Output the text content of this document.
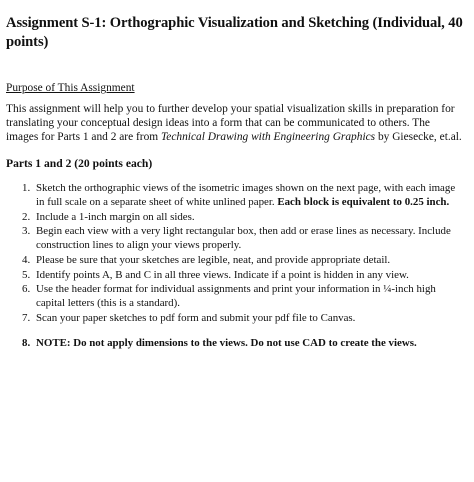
Assignment S-1: Orthographic Visualization and Sketching (Individual, 40 points)
Purpose of This Assignment

This assignment will help you to further develop your spatial visualization skills in preparation for translating your conceptual design ideas into a form that can be communicated to others. The images for Parts 1 and 2 are from Technical Drawing with Engineering Graphics by Giesecke, et.al.

Parts 1 and 2 (20 points each)
1. Sketch the orthographic views of the isometric images shown on the next page, with each image in full scale on a separate sheet of white unlined paper. Each block is equivalent to 0.25 inch.
2. Include a 1-inch margin on all sides.
3. Begin each view with a very light rectangular box, then add or erase lines as necessary. Include construction lines to align your views properly.
4. Please be sure that your sketches are legible, neat, and provide appropriate detail.
5. Identify points A, B and C in all three views. Indicate if a point is hidden in any view.
6. Use the header format for individual assignments and print your information in ¼-inch high capital letters (this is a standard).
7. Scan your paper sketches to pdf form and submit your pdf file to Canvas.
8. NOTE: Do not apply dimensions to the views. Do not use CAD to create the views.
